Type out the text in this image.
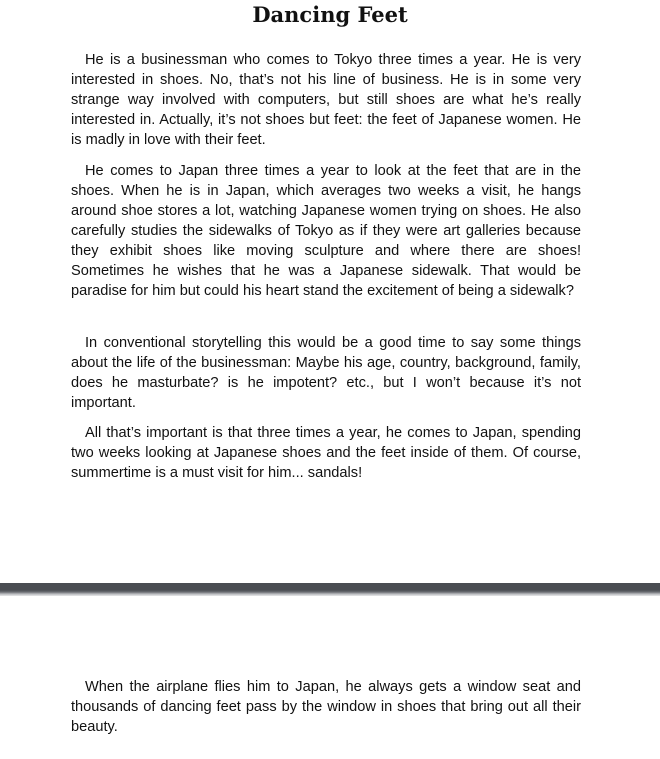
Dancing Feet

He is a businessman who comes to Tokyo three times a year. He is very interested in shoes. No, that’s not his line of business. He is in some very strange way involved with computers, but still shoes are what he’s really interested in. Actually, it’s not shoes but feet: the feet of Japanese women. He is madly in love with their feet.

He comes to Japan three times a year to look at the feet that are in the shoes. When he is in Japan, which averages two weeks a visit, he hangs around shoe stores a lot, watching Japanese women trying on shoes. He also carefully studies the sidewalks of Tokyo as if they were art galleries because they exhibit shoes like moving sculpture and where there are shoes! Sometimes he wishes that he was a Japanese sidewalk. That would be paradise for him but could his heart stand the excitement of being a sidewalk?

In conventional storytelling this would be a good time to say some things about the life of the businessman: Maybe his age, country, background, family, does he masturbate? is he impotent? etc., but I won’t because it’s not important.

All that’s important is that three times a year, he comes to Japan, spending two weeks looking at Japanese shoes and the feet inside of them. Of course, summertime is a must visit for him... sandals!

When the airplane flies him to Japan, he always gets a window seat and thousands of dancing feet pass by the window in shoes that bring out all their beauty.
